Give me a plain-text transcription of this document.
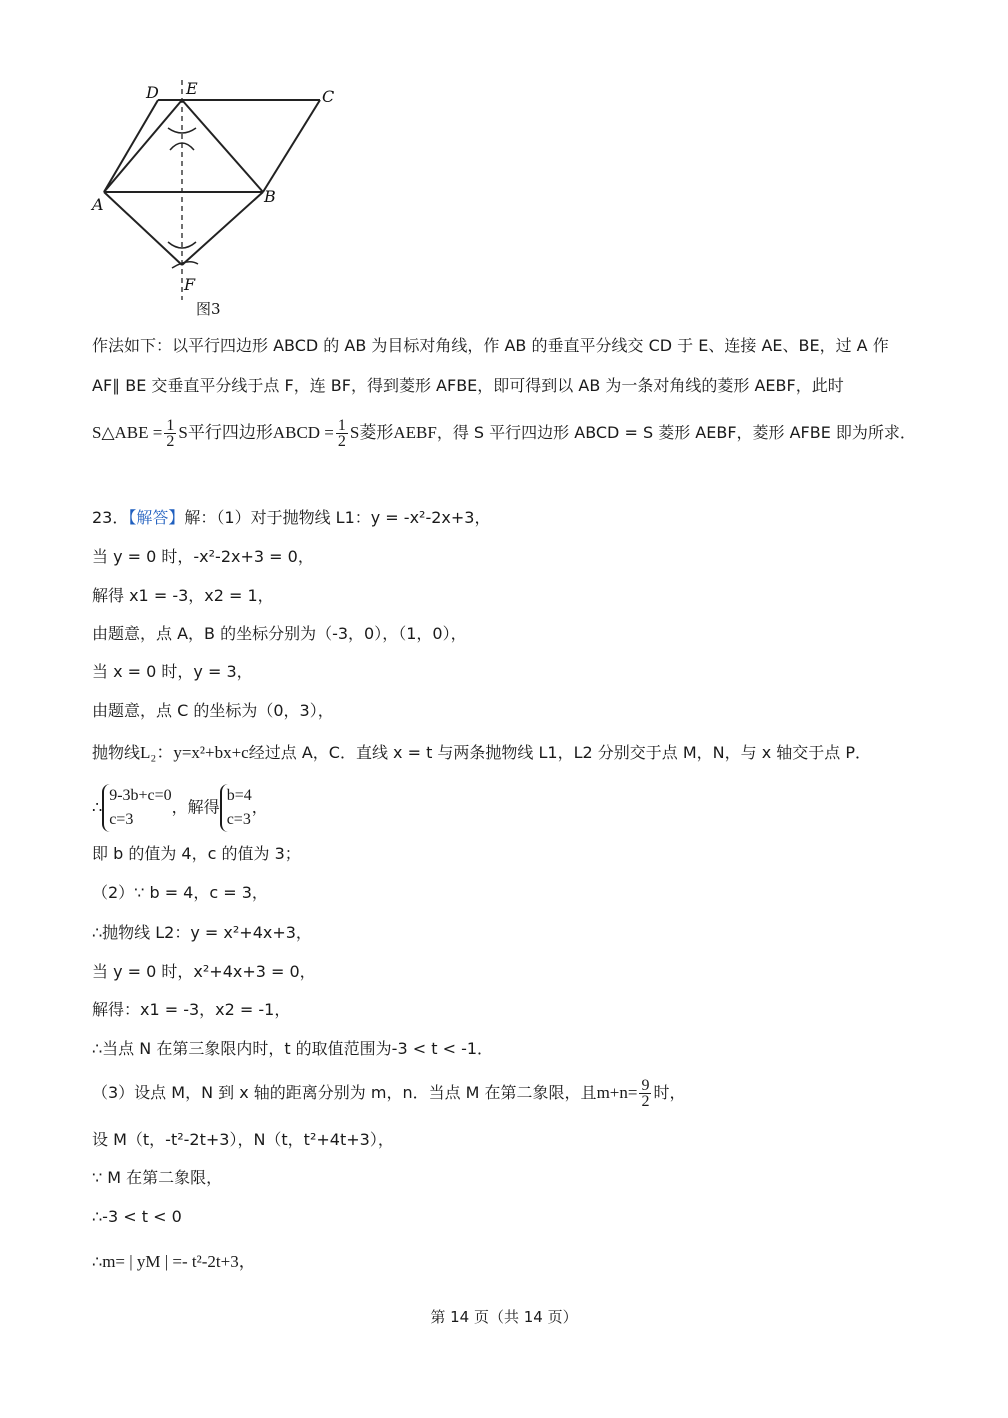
D E	C
A	B
F
图3
作法如下：以平行四边形 ABCD 的 AB 为目标对角线，作 AB 的垂直平分线交 CD 于 E、连接 AE、BE，过 A 作
AF∥ BE 交垂直平分线于点 F，连 BF，得到菱形 AFBE，即可得到以 AB 为一条对角线的菱形 AEBF，此时
S△ABE = $\frac{1}{2}$ S平行四边形ABCD = $\frac{1}{2}$ S菱形AEBF，得 S 平行四边形 ABCD = S 菱形 AEBF，菱形 AFBE 即为所求．
23．【解答】解：（1）对于抛物线 L1：y = -x²-2x+3，
当 y = 0 时，-x²-2x+3 = 0，
解得 x1 = -3，x2 = 1，
由题意，点 A，B 的坐标分别为（-3，0），（1，0），
当 x = 0 时，y = 3，
由题意，点 C 的坐标为（0，3），
抛物线L₂：y=x²+bx+c经过点 A，C．直线 x = t 与两条抛物线 L1，L2 分别交于点 M，N，与 x 轴交于点 P．
∴
9-3b+c=0
c=3
，解得
b=4
c=3
，
即 b 的值为 4，c 的值为 3；
（2）∵ b = 4，c = 3，
∴抛物线 L2：y = x²+4x+3，
当 y = 0 时，x²+4x+3 = 0，
解得：x1 = -3，x2 = -1，
∴当点 N 在第三象限内时，t 的取值范围为-3 < t < -1．
（3）设点 M，N 到 x 轴的距离分别为 m，n．当点 M 在第二象限，且$m+n= \frac{9}{2}$ 时，
设 M（t，-t²-2t+3），N（t，t²+4t+3），
∵ M 在第二象限，
∴-3 < t < 0
∴m= | yM | =- t²-2t+3，
第 14 页（共 14 页）
